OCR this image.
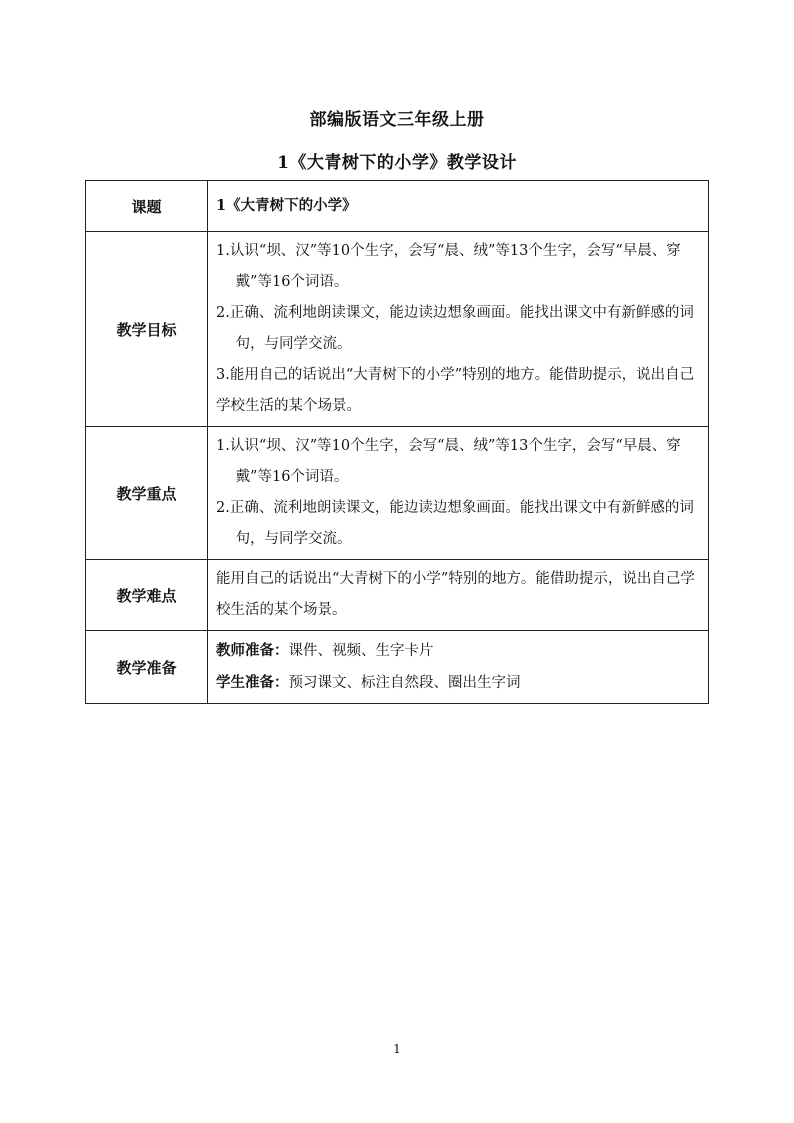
部编版语文三年级上册
1《大青树下的小学》教学设计
课题	1《大青树下的小学》
教学目标	1.认识“坝、汉”等10个生字，会写“晨、绒”等13个生字，会写“早晨、穿戴”等16个词语。
2.正确、流利地朗读课文，能边读边想象画面。能找出课文中有新鲜感的词句，与同学交流。
3.能用自己的话说出“大青树下的小学”特别的地方。能借助提示，说出自己学校生活的某个场景。

教学重点	1.认识“坝、汉”等10个生字，会写“晨、绒”等13个生字，会写“早晨、穿戴”等16个词语。
2.正确、流利地朗读课文，能边读边想象画面。能找出课文中有新鲜感的词句，与同学交流。

教学难点	能用自己的话说出“大青树下的小学”特别的地方。能借助提示，说出自己学校生活的某个场景。
教学准备	教师准备：课件、视频、生字卡片
学生准备：预习课文、标注自然段、圈出生字词
1
